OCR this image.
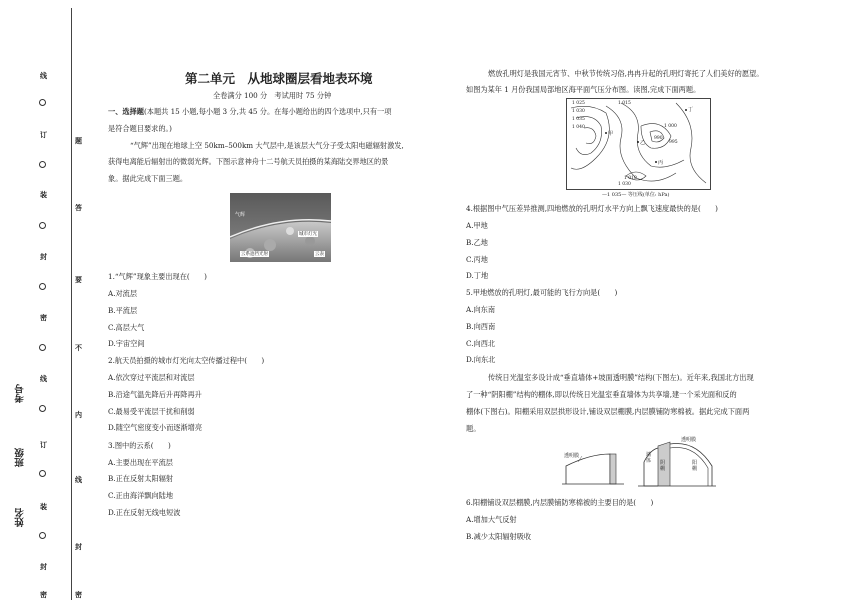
线
订
装
封
密
线
订
装
封
密
题
答
要
不
内
线
封
密
考号
班级
姓名
第二单元　从地球圈层看地表环境
全卷满分 100 分　考试用时 75 分钟
一、选择题(本题共 15 小题,每小题 3 分,共 45 分。在每小题给出的四个选项中,只有一项
是符合题目要求的。)
“气辉”出现在地球上空 50km–500km 大气层中,是该层大气分子受太阳电磁辐射激发,
获得电离能后辐射出的微弱光辉。下图示意神舟十二号航天员拍摄的某海陆交界地区的景
象。据此完成下面三题。
气辉
城市灯光
云系遮挡光射	云表
1.“气辉”现象主要出现在(　　)
A.对流层
B.平流层
C.高层大气
D.宇宙空间
2.航天员拍摄的城市灯光向太空传播过程中(　　)
A.依次穿过平流层和对流层
B.沿途气温先降后升再降再升
C.最易受平流层干扰和削弱
D.随空气密度变小而逐渐增亮
3.图中的云系(　　)
A.主要出现在平流层
B.正在反射太阳辐射
C.正由海洋飘向陆地
D.正在反射无线电短波
燃放孔明灯是我国元宵节、中秋节传统习俗,冉冉升起的孔明灯寄托了人们美好的愿望。
如图为某年 1 月份我国局部地区海平面气压分布图。读图,完成下面两题。
1 025
1 030
1 035
1 040
1 015
1 000
990
995
1 010
1 030
甲
乙
丁
丙
—1 035— 等压线(单位: hPa)
4.根据图中气压差异推测,四地燃放的孔明灯水平方向上飘飞速度最快的是(　　)
A.甲地
B.乙地
C.丙地
D.丁地
5.甲地燃放的孔明灯,最可能的飞行方向是(　　)
A.向东南
B.向西南
C.向西北
D.向东北
传统日光温室多设计成“垂直墙体+坡面透明膜”结构(下图左)。近年来,我国北方出现
了一种“阴阳棚”结构的棚体,即以传统日光温室垂直墙体为共享墙,建一个采光面和反的
棚体(下图右)。阳棚采用双层拱形设计,铺设双层棚膜,内层膜铺防寒棉被。据此完成下面两
题。
透明膜	墙体
透明膜
阴棚
阳棚
6.阳棚铺设双层棚膜,内层膜铺防寒棉被的主要目的是(　　)
A.增加大气反射
B.减少太阳辐射吸收
